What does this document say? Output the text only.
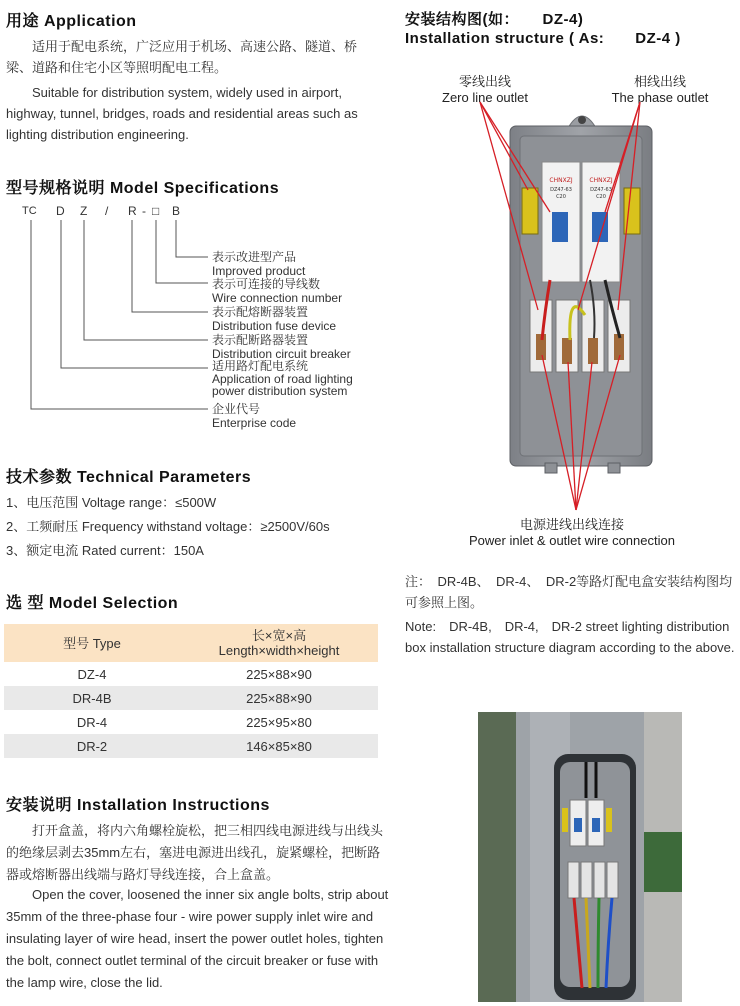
用途 Application
适用于配电系统，广泛应用于机场、高速公路、隧道、桥梁、道路和住宅小区等照明配电工程。
Suitable for distribution system, widely used in airport, highway, tunnel, bridges, roads and residential areas such as lighting distribution engineering.
型号规格说明 Model Specifications
TC D Z / R - □ B
表示改进型产品
Improved product
表示可连接的导线数
Wire connection number
表示配熔断器装置
Distribution fuse device
表示配断路器装置
Distribution circuit breaker
适用路灯配电系统
Application of road lighting
power distribution system
企业代号
Enterprise code
技术参数 Technical Parameters
1、电压范围 Voltage range：≤500W
2、工频耐压 Frequency withstand voltage：≥2500V/60s
3、额定电流 Rated current：150A
选 型 Model Selection
型号 Type	长×宽×高
Length×width×height

DZ-4	225×88×90
DR-4B	225×88×90
DR-4	225×95×80
DR-2	146×85×80
安装说明 Installation Instructions
打开盒盖，将内六角螺栓旋松，把三相四线电源进线与出线头的绝缘层剥去35mm左右，塞进电源进出线孔，旋紧螺栓，把断路器或熔断器出线端与路灯导线连接，合上盒盖。
Open the cover, loosened the inner six angle bolts, strip about 35mm of the three-phase four - wire power supply inlet wire and insulating layer of wire head, insert the power outlet holes, tighten the bolt, connect outlet terminal of the circuit breaker or fuse with the lamp wire, close the lid.
安装结构图(如：　　DZ-4)
Installation structure ( As:　　DZ-4 )
零线出线
Zero line outlet
相线出线
The phase outlet
CHNXZJ
DZ47-63
C20
CHNXZJ
DZ47-63
C20
电源进线出线连接
Power inlet & outlet wire connection
注：　DR-4B、　DR-4、　DR-2等路灯配电盒安装结构图均可参照上图。
Note:　DR-4B,　DR-4,　DR-2 street lighting distribution box installation structure diagram according to the above.
